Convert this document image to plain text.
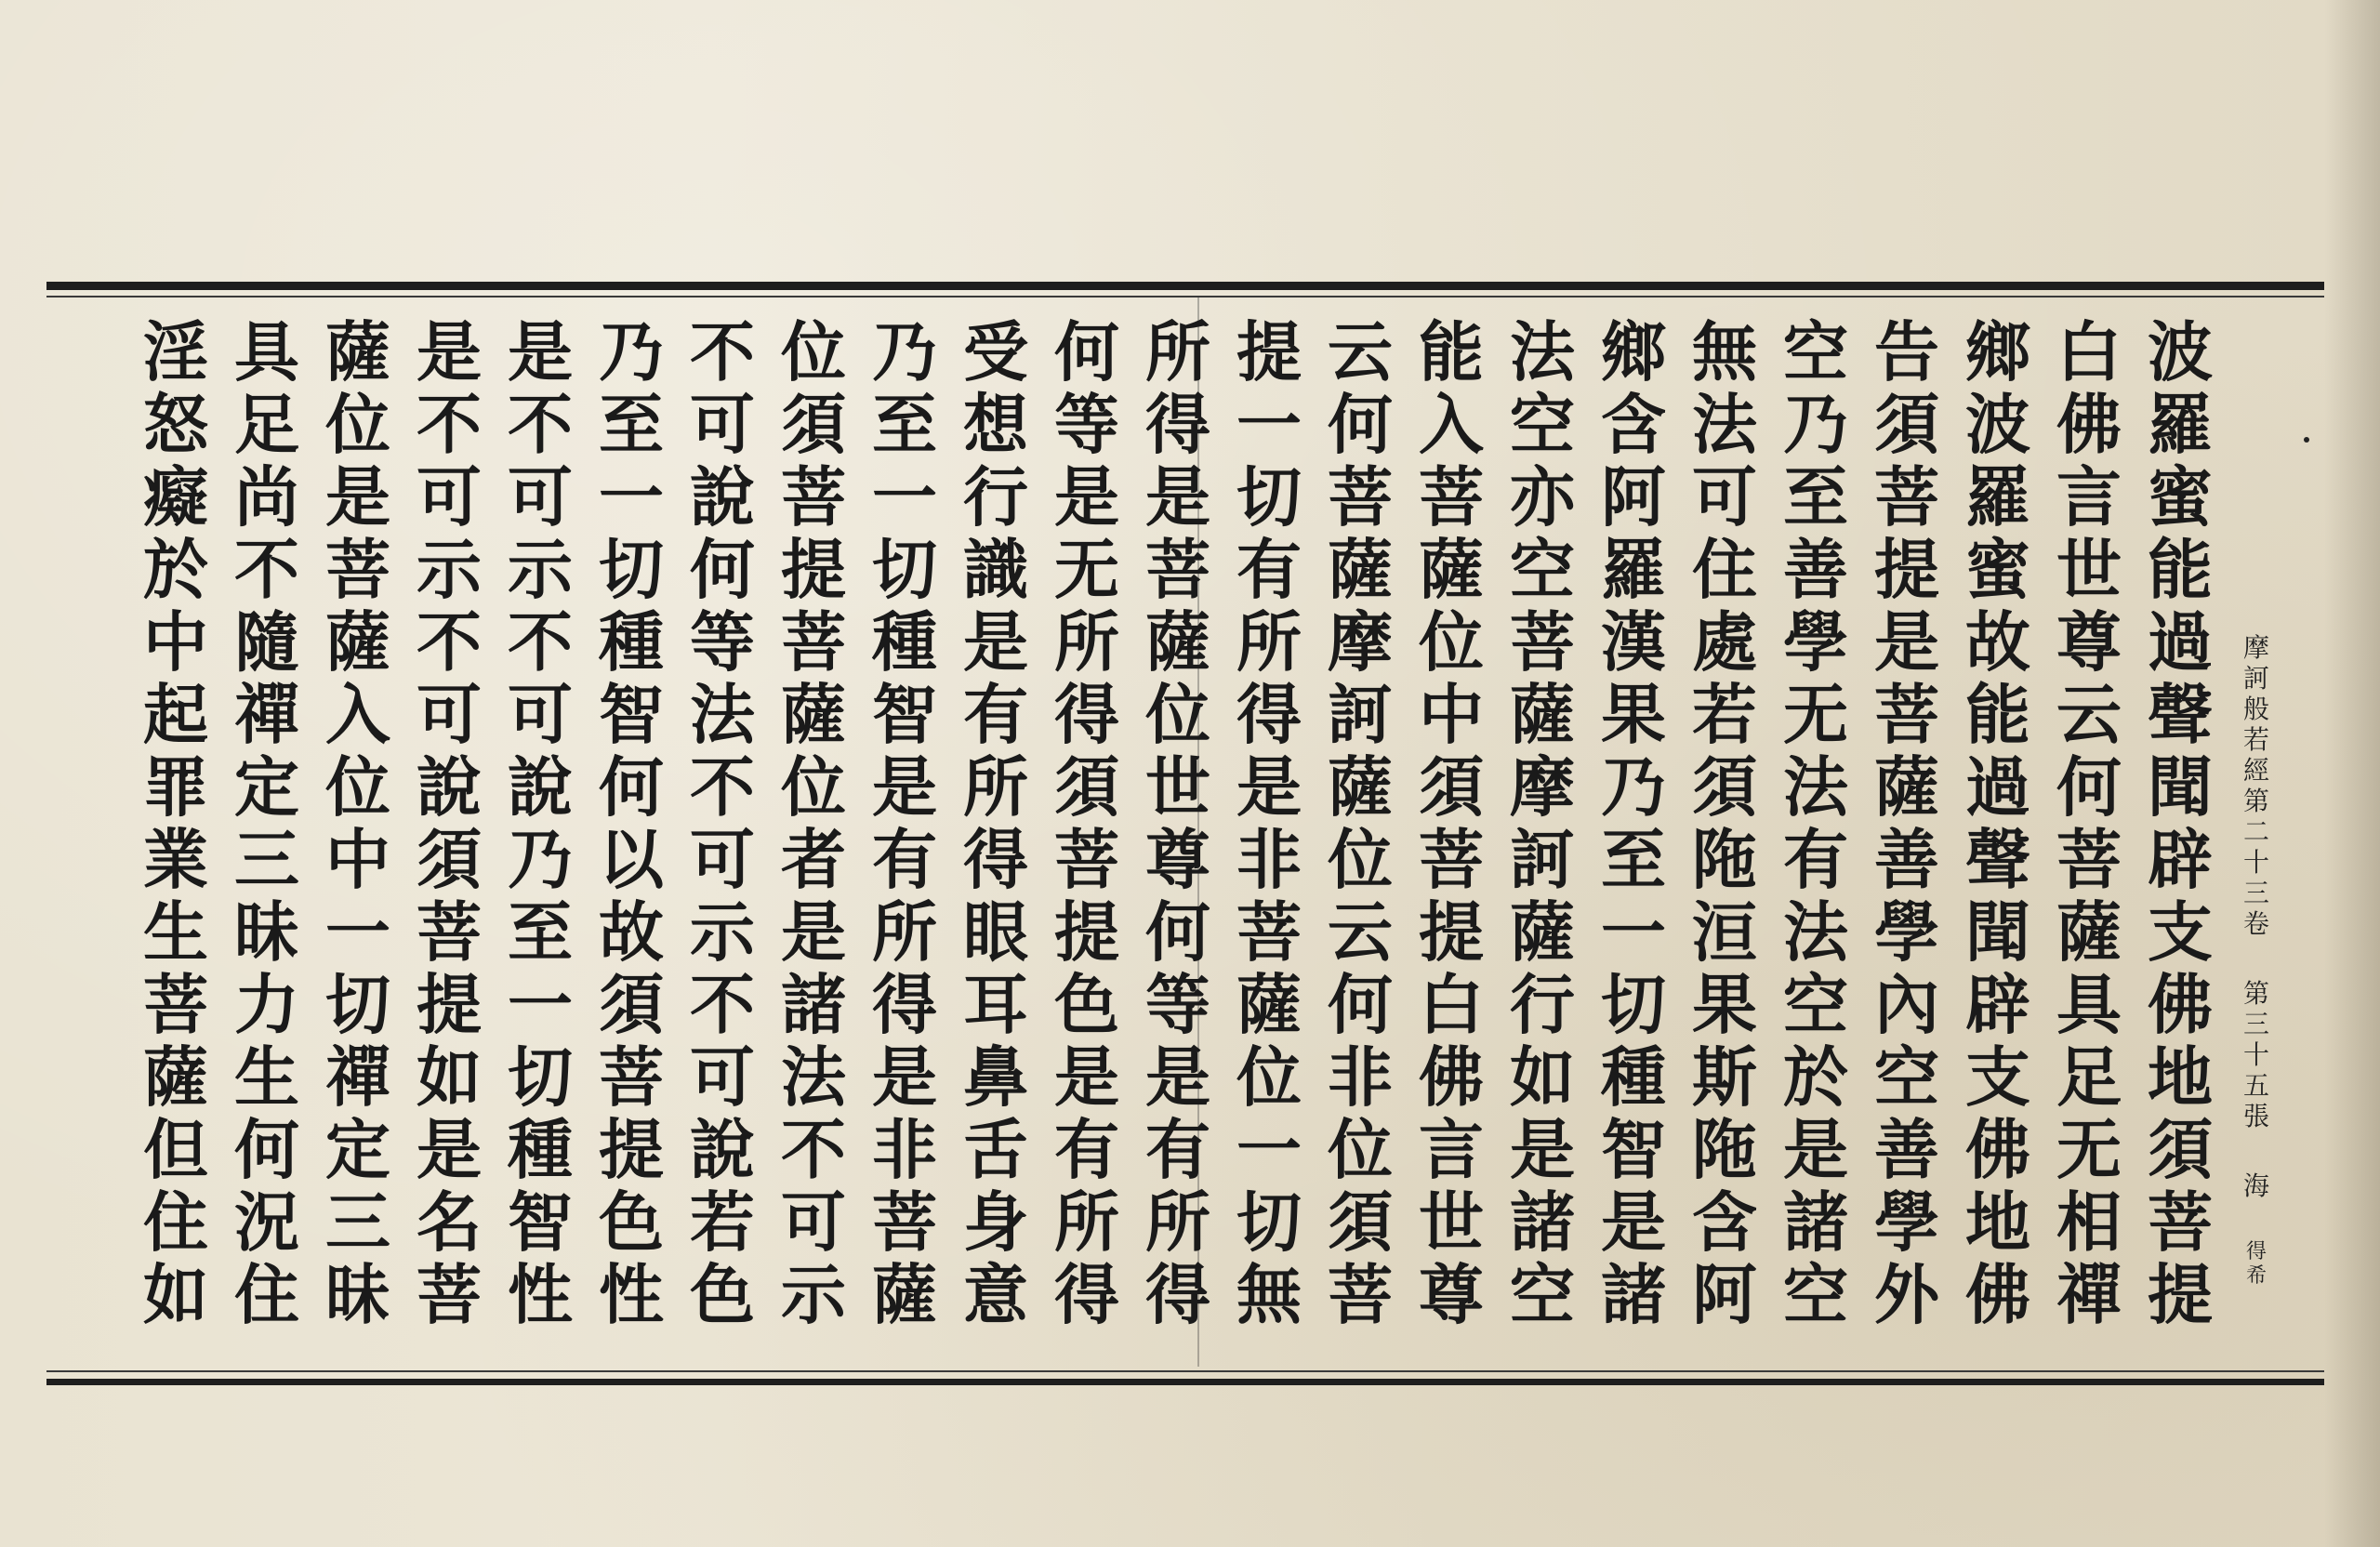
波
羅
蜜
能
過
聲
聞
辟
支
佛
地
須
菩
提
白
佛
言
世
尊
云
何
菩
薩
具
足
无
相
禪
鄉
波
羅
蜜
故
能
過
聲
聞
辟
支
佛
地
佛
告
須
菩
提
是
菩
薩
善
學
內
空
善
學
外
空
乃
至
善
學
无
法
有
法
空
於
是
諸
空
無
法
可
住
處
若
須
陁
洹
果
斯
陁
含
阿
鄉
含
阿
羅
漢
果
乃
至
一
切
種
智
是
諸
法
空
亦
空
菩
薩
摩
訶
薩
行
如
是
諸
空
能
入
菩
薩
位
中
須
菩
提
白
佛
言
世
尊
云
何
菩
薩
摩
訶
薩
位
云
何
非
位
須
菩
提
一
切
有
所
得
是
非
菩
薩
位
一
切
無
所
得
是
菩
薩
位
世
尊
何
等
是
有
所
得
何
等
是
无
所
得
須
菩
提
色
是
有
所
得
受
想
行
識
是
有
所
得
眼
耳
鼻
舌
身
意
乃
至
一
切
種
智
是
有
所
得
是
非
菩
薩
位
須
菩
提
菩
薩
位
者
是
諸
法
不
可
示
不
可
說
何
等
法
不
可
示
不
可
說
若
色
乃
至
一
切
種
智
何
以
故
須
菩
提
色
性
是
不
可
示
不
可
說
乃
至
一
切
種
智
性
是
不
可
示
不
可
說
須
菩
提
如
是
名
菩
薩
位
是
菩
薩
入
位
中
一
切
禪
定
三
昧
具
足
尚
不
隨
禪
定
三
昧
力
生
何
況
住
淫
怒
癡
於
中
起
罪
業
生
菩
薩
但
住
如
摩
訶
般
若
經
第
二
十
三
卷
第
三
十
五
張
海
得
希
